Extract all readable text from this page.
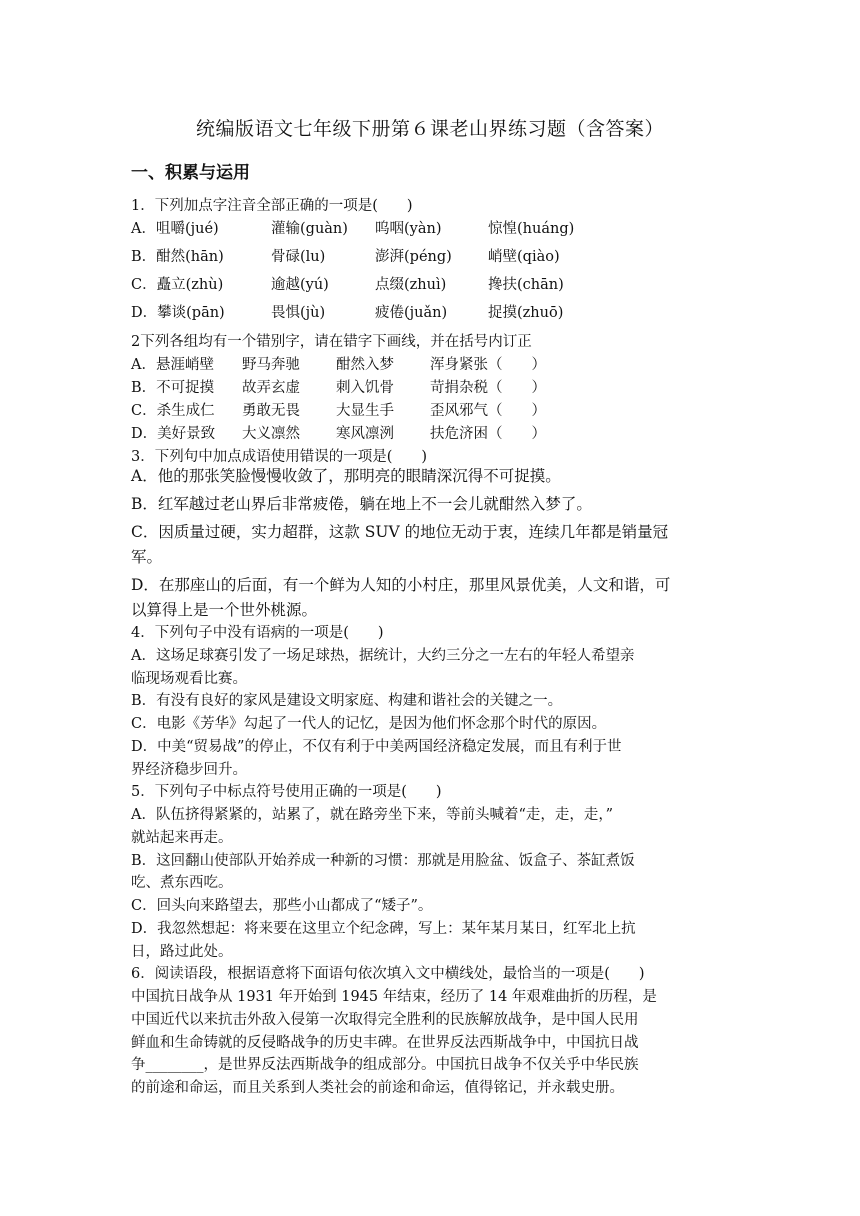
统编版语文七年级下册第６课老山界练习题（含答案）
一、积累与运用
1．下列加点字注音全部正确的一项是(　　)
A．咀嚼(jué)	灌输(guàn) 呜咽(yàn)	惊惶(huáng)
B．酣然(hān)	骨碌(lu)	澎湃(péng) 峭壁(qiào)
C．矗立(zhù)	逾越(yú)	点缀(zhuì)	搀扶(chān)
D．攀谈(pān)	畏惧(jù)	疲倦(juǎn)	捉摸(zhuō)
2下列各组均有一个错别字，请在错字下画线，并在括号内订正
A．悬涯峭壁 野马奔驰 酣然入梦 浑身紧张（　　）
B．不可捉摸 故弄玄虚 刺入饥骨 苛捐杂税（　　）
C．杀生成仁 勇敢无畏 大显生手 歪风邪气（　　）
D．美好景致 大义凛然 寒风凛洌 扶危济困（　　）
3．下列句中加点成语使用错误的一项是(　　)
A．他的那张笑脸慢慢收敛了，那明亮的眼睛深沉得不可捉摸。
B．红军越过老山界后非常疲倦，躺在地上不一会儿就酣然入梦了。
C．因质量过硬，实力超群，这款 SUV 的地位无动于衷，连续几年都是销量冠
军。
D．在那座山的后面，有一个鲜为人知的小村庄，那里风景优美，人文和谐，可
以算得上是一个世外桃源。
4．下列句子中没有语病的一项是(　　)
A．这场足球赛引发了一场足球热，据统计，大约三分之一左右的年轻人希望亲
临现场观看比赛。
B．有没有良好的家风是建设文明家庭、构建和谐社会的关键之一。
C．电影《芳华》勾起了一代人的记忆，是因为他们怀念那个时代的原因。
D．中美“贸易战”的停止，不仅有利于中美两国经济稳定发展，而且有利于世
界经济稳步回升。
5．下列句子中标点符号使用正确的一项是(　　)
A．队伍挤得紧紧的，站累了，就在路旁坐下来，等前头喊着“走，走，走，”
就站起来再走。
B．这回翻山使部队开始养成一种新的习惯：那就是用脸盆、饭盒子、茶缸煮饭
吃、煮东西吃。
C．回头向来路望去，那些小山都成了“矮子”。
D．我忽然想起：将来要在这里立个纪念碑，写上：某年某月某日，红军北上抗
日，路过此处。
6．阅读语段，根据语意将下面语句依次填入文中横线处，最恰当的一项是(　　)
中国抗日战争从 1931 年开始到 1945 年结束，经历了 14 年艰难曲折的历程，是
中国近代以来抗击外敌入侵第一次取得完全胜利的民族解放战争，是中国人民用
鲜血和生命铸就的反侵略战争的历史丰碑。在世界反法西斯战争中，中国抗日战
争________，是世界反法西斯战争的组成部分。中国抗日战争不仅关乎中华民族
的前途和命运，而且关系到人类社会的前途和命运，值得铭记，并永载史册。
